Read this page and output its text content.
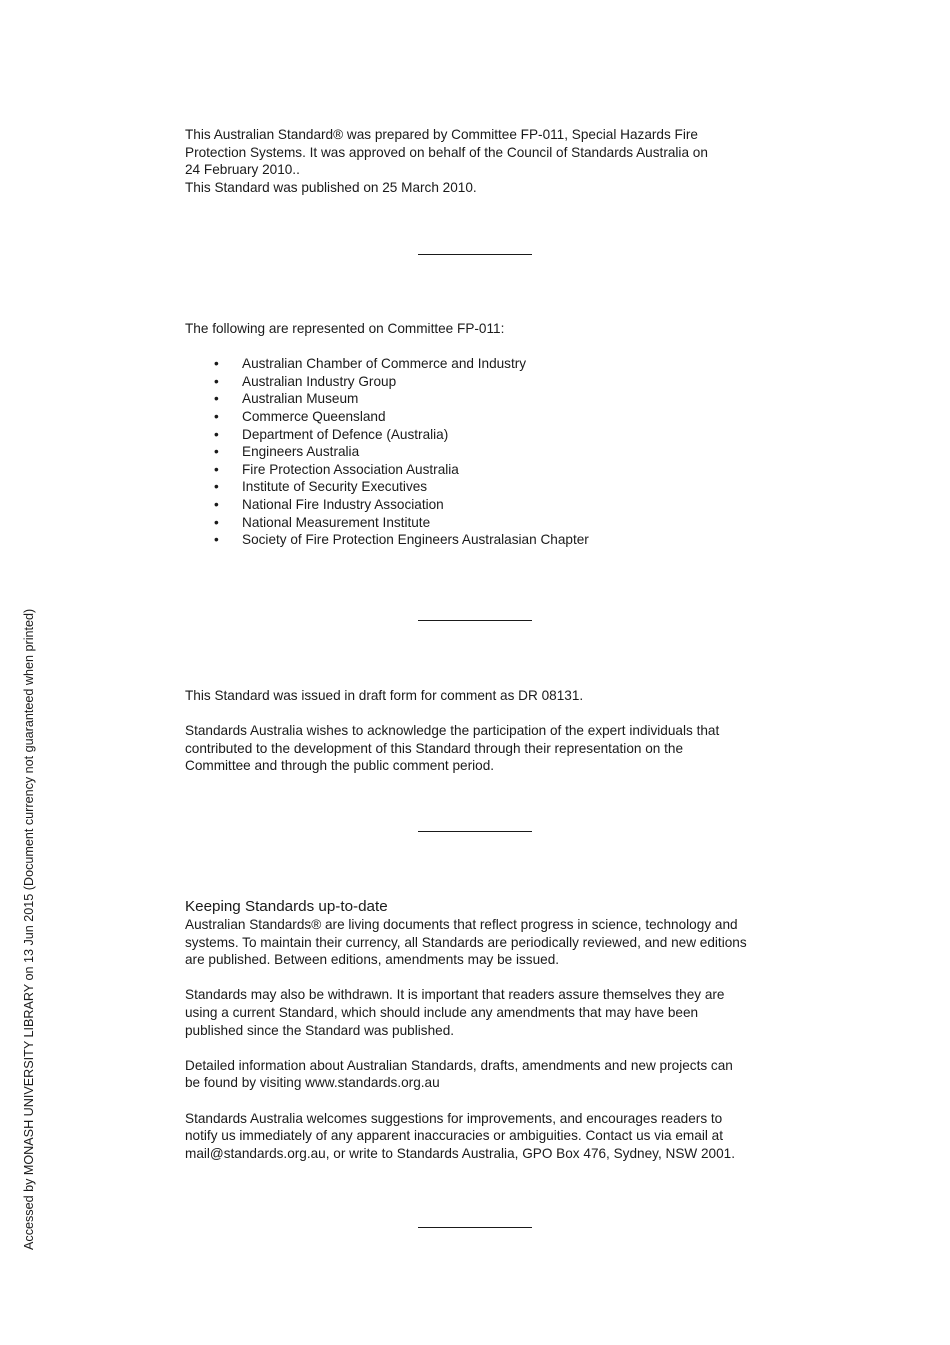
This Australian Standard® was prepared by Committee FP-011, Special Hazards Fire

Protection Systems. It was approved on behalf of the Council of Standards Australia on

24 February 2010..

This Standard was published on 25 March 2010.

The following are represented on Committee FP-011:

• Australian Chamber of Commerce and Industry
• Australian Industry Group
• Australian Museum
• Commerce Queensland
• Department of Defence (Australia)
• Engineers Australia
• Fire Protection Association Australia
• Institute of Security Executives
• National Fire Industry Association
• National Measurement Institute
• Society of Fire Protection Engineers Australasian Chapter

This Standard was issued in draft form for comment as DR 08131.

Standards Australia wishes to acknowledge the participation of the expert individuals that

contributed to the development of this Standard through their representation on the

Committee and through the public comment period.

Keeping Standards up-to-date

Australian Standards® are living documents that reflect progress in science, technology and

systems. To maintain their currency, all Standards are periodically reviewed, and new editions

are published. Between editions, amendments may be issued.

Standards may also be withdrawn. It is important that readers assure themselves they are

using a current Standard, which should include any amendments that may have been

published since the Standard was published.

Detailed information about Australian Standards, drafts, amendments and new projects can

be found by visiting www.standards.org.au

Standards Australia welcomes suggestions for improvements, and encourages readers to

notify us immediately of any apparent inaccuracies or ambiguities. Contact us via email at

mail@standards.org.au, or write to Standards Australia, GPO Box 476, Sydney, NSW 2001.

Accessed by MONASH UNIVERSITY LIBRARY on 13 Jun 2015 (Document currency not guaranteed when printed)
